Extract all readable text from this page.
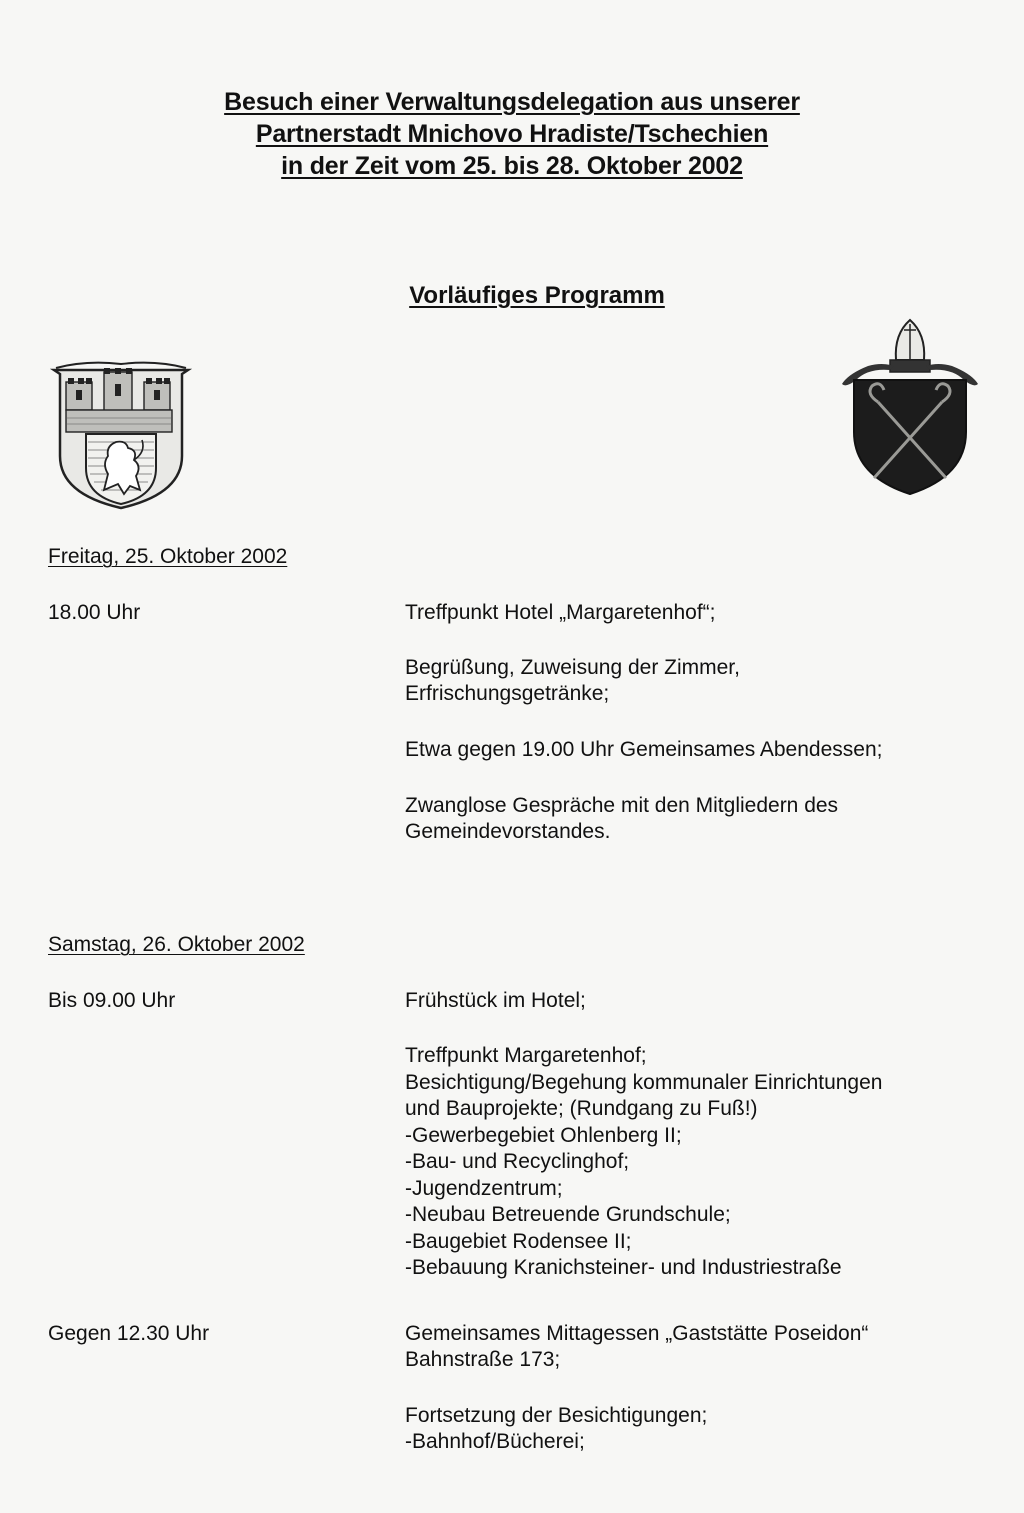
Besuch einer Verwaltungsdelegation aus unserer
Partnerstadt Mnichovo Hradiste/Tschechien
in der Zeit vom 25. bis 28. Oktober 2002
Vorläufiges Programm
Freitag, 25. Oktober 2002
18.00 Uhr	Treffpunkt Hotel „Margaretenhof“;
Begrüßung, Zuweisung der Zimmer,
Erfrischungsgetränke;
Etwa gegen 19.00 Uhr Gemeinsames Abendessen;
Zwanglose Gespräche mit den Mitgliedern des
Gemeindevorstandes.
Samstag, 26. Oktober 2002
Bis 09.00 Uhr	Frühstück im Hotel;
Treffpunkt Margaretenhof;
Besichtigung/Begehung kommunaler Einrichtungen
und Bauprojekte; (Rundgang zu Fuß!)
-Gewerbegebiet Ohlenberg II;
-Bau- und Recyclinghof;
-Jugendzentrum;
-Neubau Betreuende Grundschule;
-Baugebiet Rodensee II;
-Bebauung Kranichsteiner- und Industriestraße
Gegen 12.30 Uhr	Gemeinsames Mittagessen „Gaststätte Poseidon“
Bahnstraße 173;
Fortsetzung der Besichtigungen;
-Bahnhof/Bücherei;
